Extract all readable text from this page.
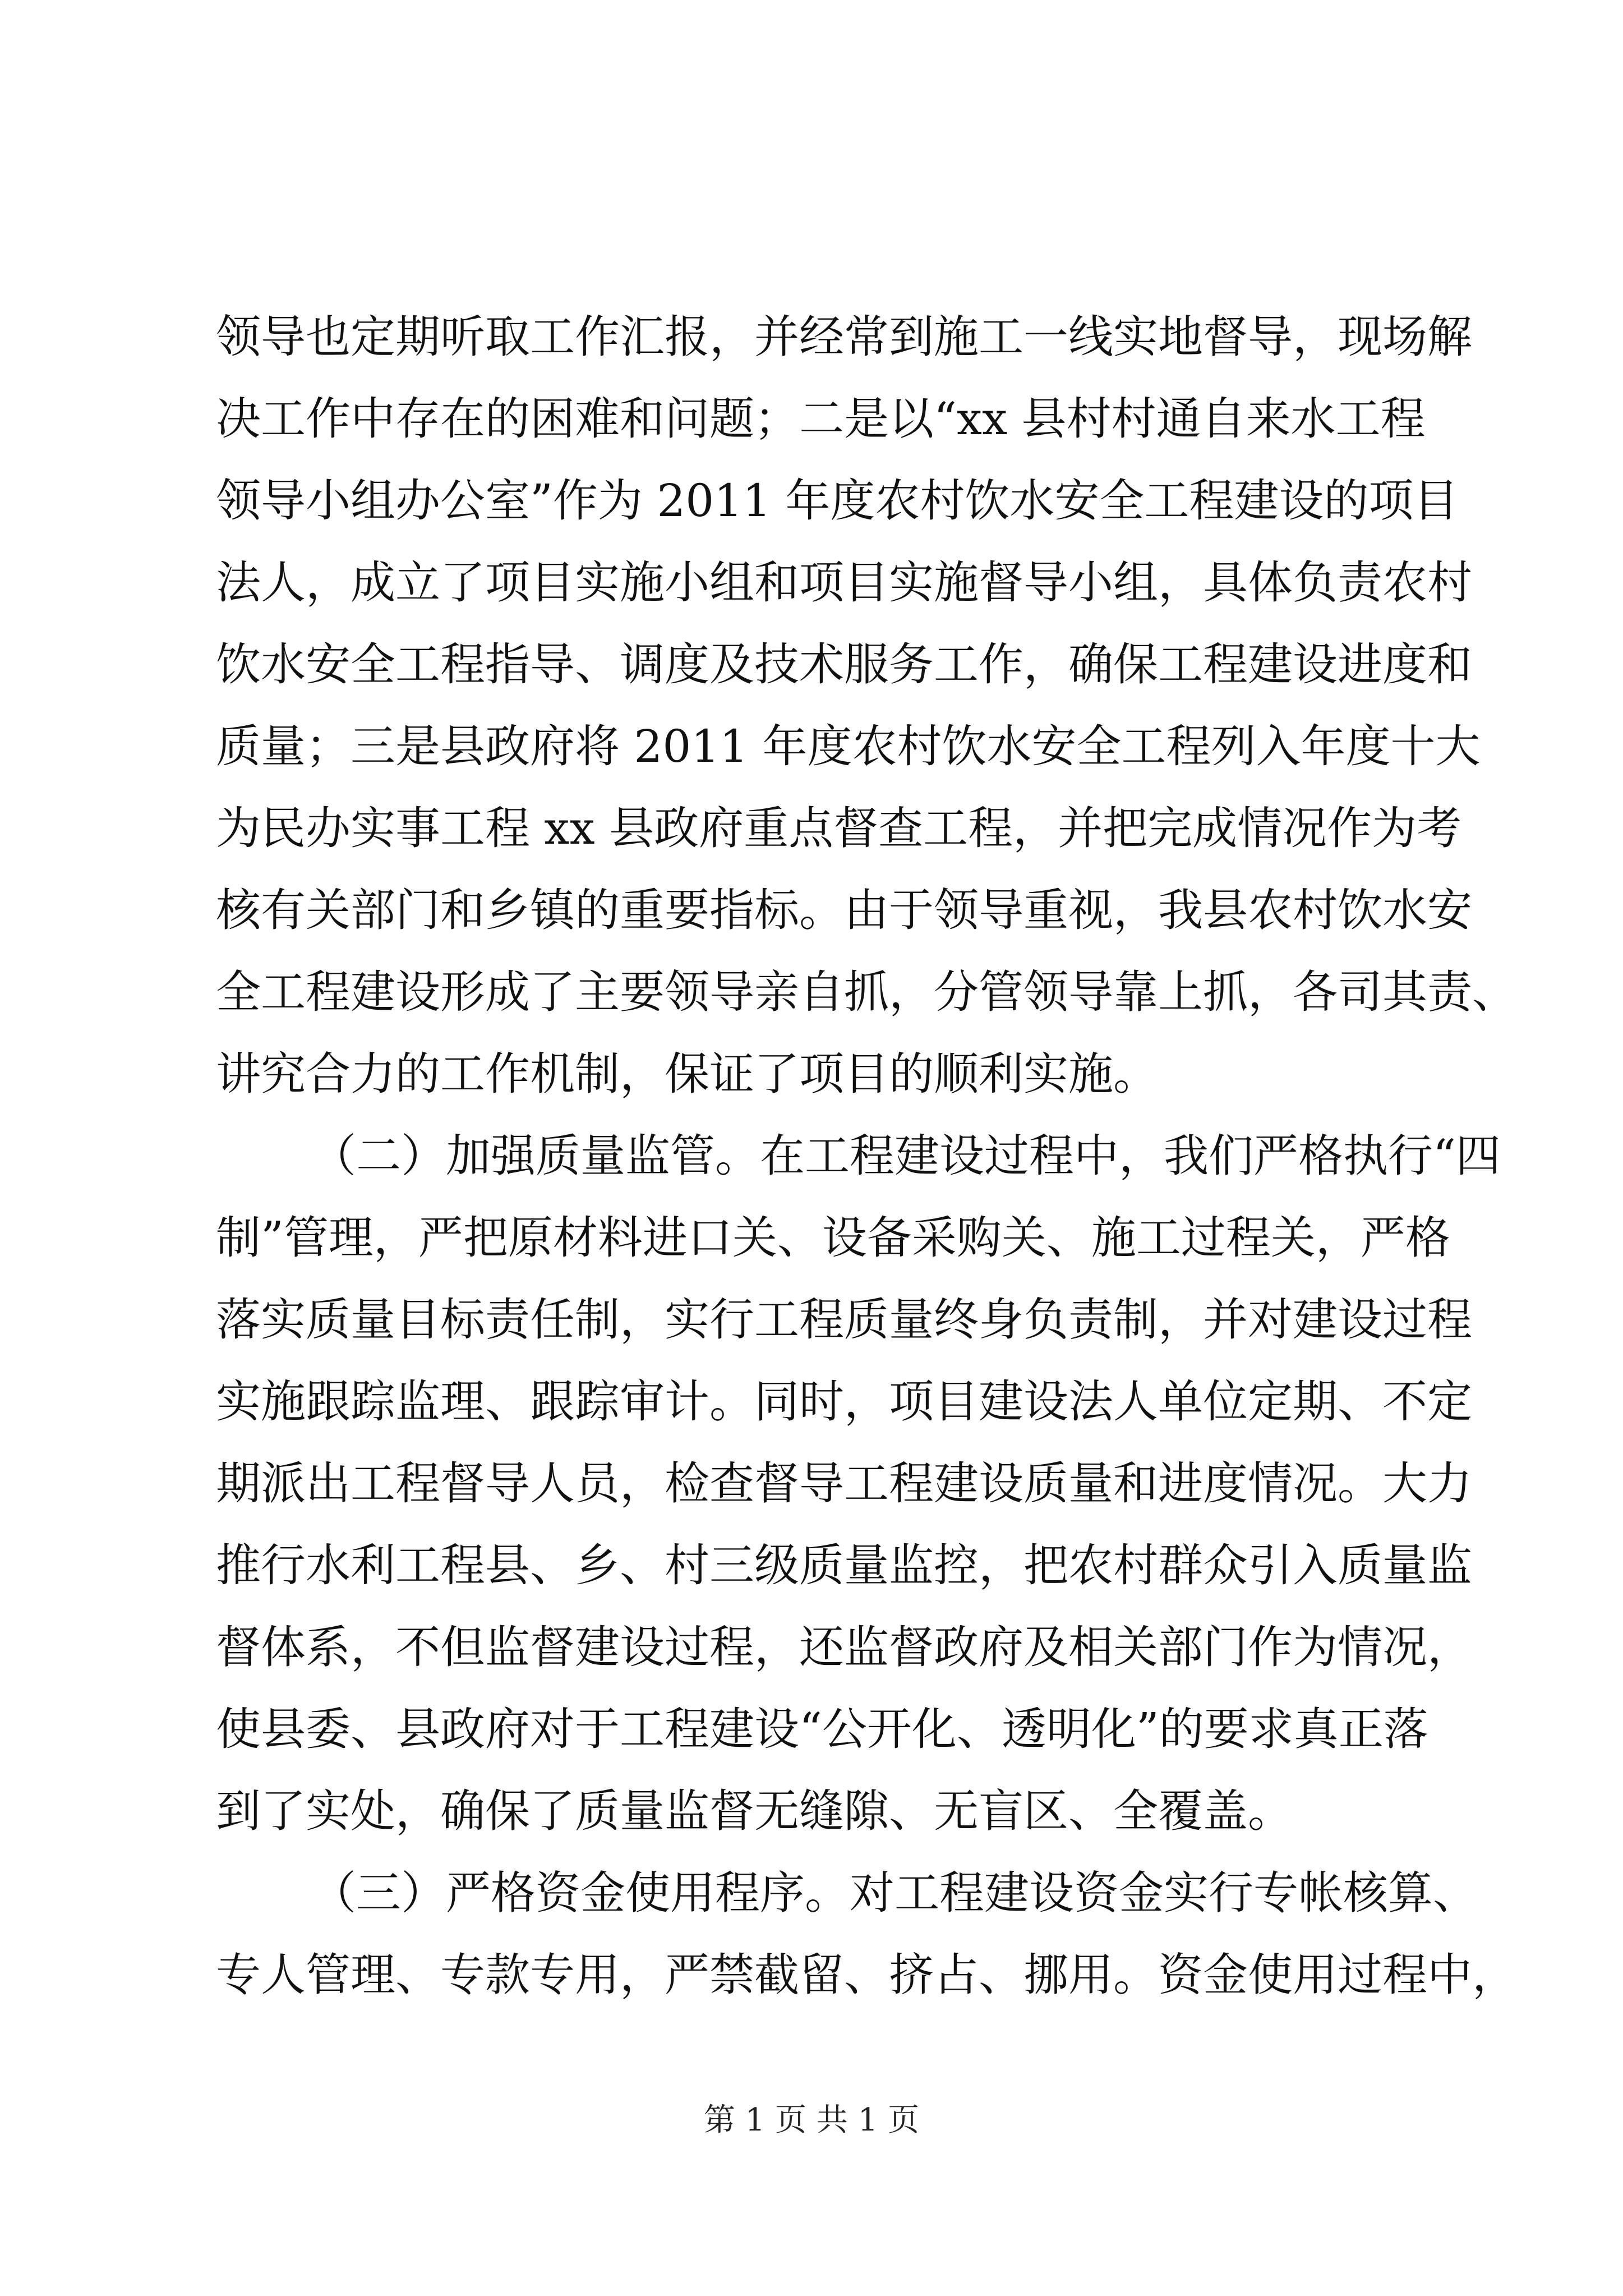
领导也定期听取工作汇报，并经常到施工一线实地督导，现场解
决工作中存在的困难和问题；二是以“xx 县村村通自来水工程
领导小组办公室”作为 2011 年度农村饮水安全工程建设的项目
法人，成立了项目实施小组和项目实施督导小组，具体负责农村
饮水安全工程指导、调度及技术服务工作，确保工程建设进度和
质量；三是县政府将 2011 年度农村饮水安全工程列入年度十大
为民办实事工程 xx 县政府重点督查工程，并把完成情况作为考
核有关部门和乡镇的重要指标。由于领导重视，我县农村饮水安
全工程建设形成了主要领导亲自抓，分管领导靠上抓，各司其责、
讲究合力的工作机制，保证了项目的顺利实施。
（二）加强质量监管。在工程建设过程中，我们严格执行“四
制”管理，严把原材料进口关、设备采购关、施工过程关，严格
落实质量目标责任制，实行工程质量终身负责制，并对建设过程
实施跟踪监理、跟踪审计。同时，项目建设法人单位定期、不定
期派出工程督导人员，检查督导工程建设质量和进度情况。大力
推行水利工程县、乡、村三级质量监控，把农村群众引入质量监
督体系，不但监督建设过程，还监督政府及相关部门作为情况，
使县委、县政府对于工程建设“公开化、透明化”的要求真正落
到了实处，确保了质量监督无缝隙、无盲区、全覆盖。
（三）严格资金使用程序。对工程建设资金实行专帐核算、
专人管理、专款专用，严禁截留、挤占、挪用。资金使用过程中，
第 1 页 共 1 页
